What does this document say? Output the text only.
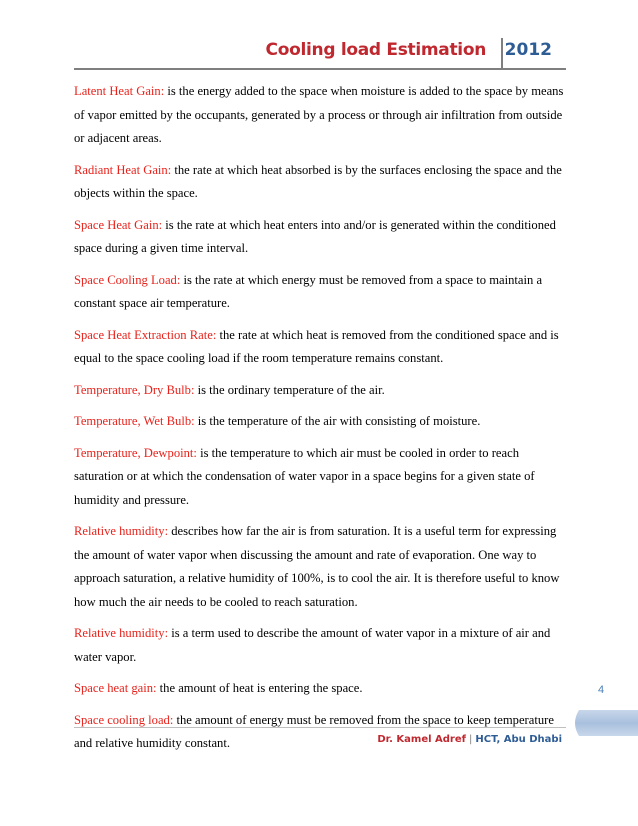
Cooling load Estimation 2012

Latent Heat Gain: is the energy added to the space when moisture is added to the space by means of vapor emitted by the occupants, generated by a process or through air infiltration from outside or adjacent areas.

Radiant Heat Gain: the rate at which heat absorbed is by the surfaces enclosing the space and the objects within the space.

Space Heat Gain: is the rate at which heat enters into and/or is generated within the conditioned space during a given time interval.

Space Cooling Load: is the rate at which energy must be removed from a space to maintain a constant space air temperature.

Space Heat Extraction Rate: the rate at which heat is removed from the conditioned space and is equal to the space cooling load if the room temperature remains constant.

Temperature, Dry Bulb: is the ordinary temperature of the air.

Temperature, Wet Bulb: is the temperature of the air with consisting of moisture.

Temperature, Dewpoint: is the temperature to which air must be cooled in order to reach saturation or at which the condensation of water vapor in a space begins for a given state of humidity and pressure.

Relative humidity: describes how far the air is from saturation. It is a useful term for expressing the amount of water vapor when discussing the amount and rate of evaporation. One way to approach saturation, a relative humidity of 100%, is to cool the air. It is therefore useful to know how much the air needs to be cooled to reach saturation.

Relative humidity: is a term used to describe the amount of water vapor in a mixture of air and water vapor.

Space heat gain: the amount of heat is entering the space.

Space cooling load: the amount of energy must be removed from the space to keep temperature and relative humidity constant.

4
Dr. Kamel Adref | HCT, Abu Dhabi
